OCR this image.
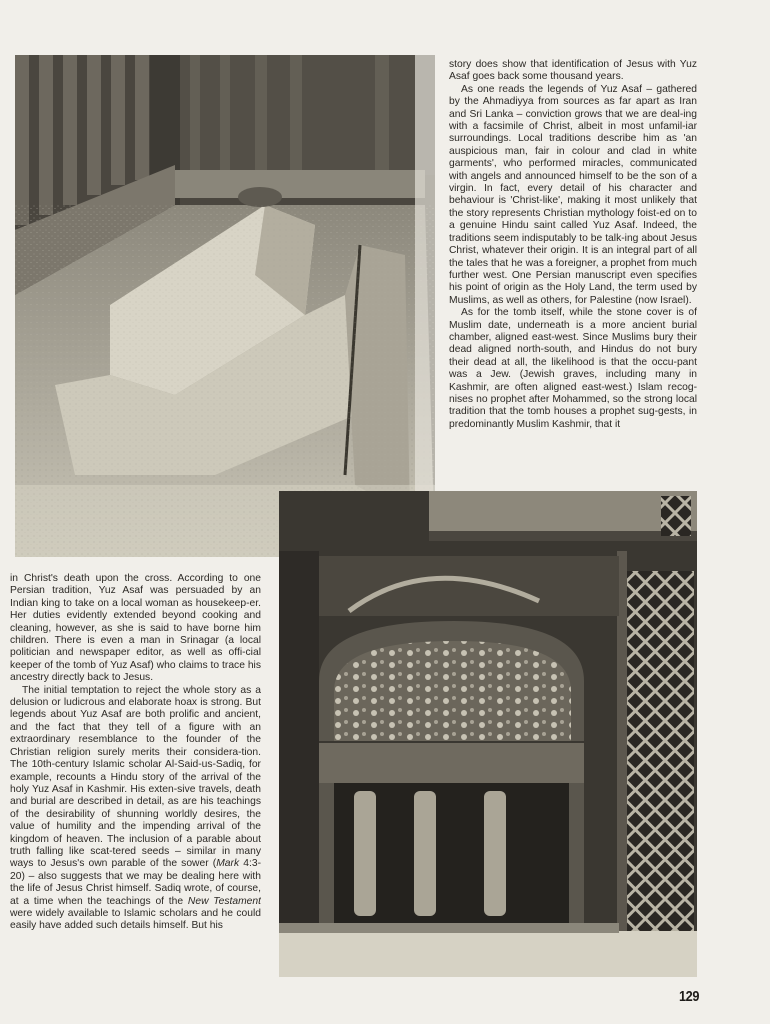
story does show that identification of Jesus with Yuz Asaf goes back some thousand years.

As one reads the legends of Yuz Asaf – gathered by the Ahmadiyya from sources as far apart as Iran and Sri Lanka – conviction grows that we are deal-ing with a facsimile of Christ, albeit in most unfamil-iar surroundings. Local traditions describe him as 'an auspicious man, fair in colour and clad in white garments', who performed miracles, communicated with angels and announced himself to be the son of a virgin. In fact, every detail of his character and behaviour is 'Christ-like', making it most unlikely that the story represents Christian mythology foist-ed on to a genuine Hindu saint called Yuz Asaf. Indeed, the traditions seem indisputably to be talk-ing about Jesus Christ, whatever their origin. It is an integral part of all the tales that he was a foreigner, a prophet from much further west. One Persian manuscript even specifies his point of origin as the Holy Land, the term used by Muslims, as well as others, for Palestine (now Israel).

As for the tomb itself, while the stone cover is of Muslim date, underneath is a more ancient burial chamber, aligned east-west. Since Muslims bury their dead aligned north-south, and Hindus do not bury their dead at all, the likelihood is that the occu-pant was a Jew. (Jewish graves, including many in Kashmir, are often aligned east-west.) Islam recog-nises no prophet after Mohammed, so the strong local tradition that the tomb houses a prophet sug-gests, in predominantly Muslim Kashmir, that it

in Christ's death upon the cross. According to one Persian tradition, Yuz Asaf was persuaded by an Indian king to take on a local woman as housekeep-er. Her duties evidently extended beyond cooking and cleaning, however, as she is said to have borne him children. There is even a man in Srinagar (a local politician and newspaper editor, as well as offi-cial keeper of the tomb of Yuz Asaf) who claims to trace his ancestry directly back to Jesus.

The initial temptation to reject the whole story as a delusion or ludicrous and elaborate hoax is strong. But legends about Yuz Asaf are both prolific and ancient, and the fact that they tell of a figure with an extraordinary resemblance to the founder of the Christian religion surely merits their considera-tion. The 10th-century Islamic scholar Al-Said-us-Sadiq, for example, recounts a Hindu story of the arrival of the holy Yuz Asaf in Kashmir. His exten-sive travels, death and burial are described in detail, as are his teachings of the desirability of shunning worldly desires, the value of humility and the impending arrival of the kingdom of heaven. The inclusion of a parable about truth falling like scat-tered seeds – similar in many ways to Jesus's own parable of the sower (Mark 4:3-20) – also suggests that we may be dealing here with the life of Jesus Christ himself. Sadiq wrote, of course, at a time when the teachings of the New Testament were widely available to Islamic scholars and he could easily have added such details himself. But his

129
